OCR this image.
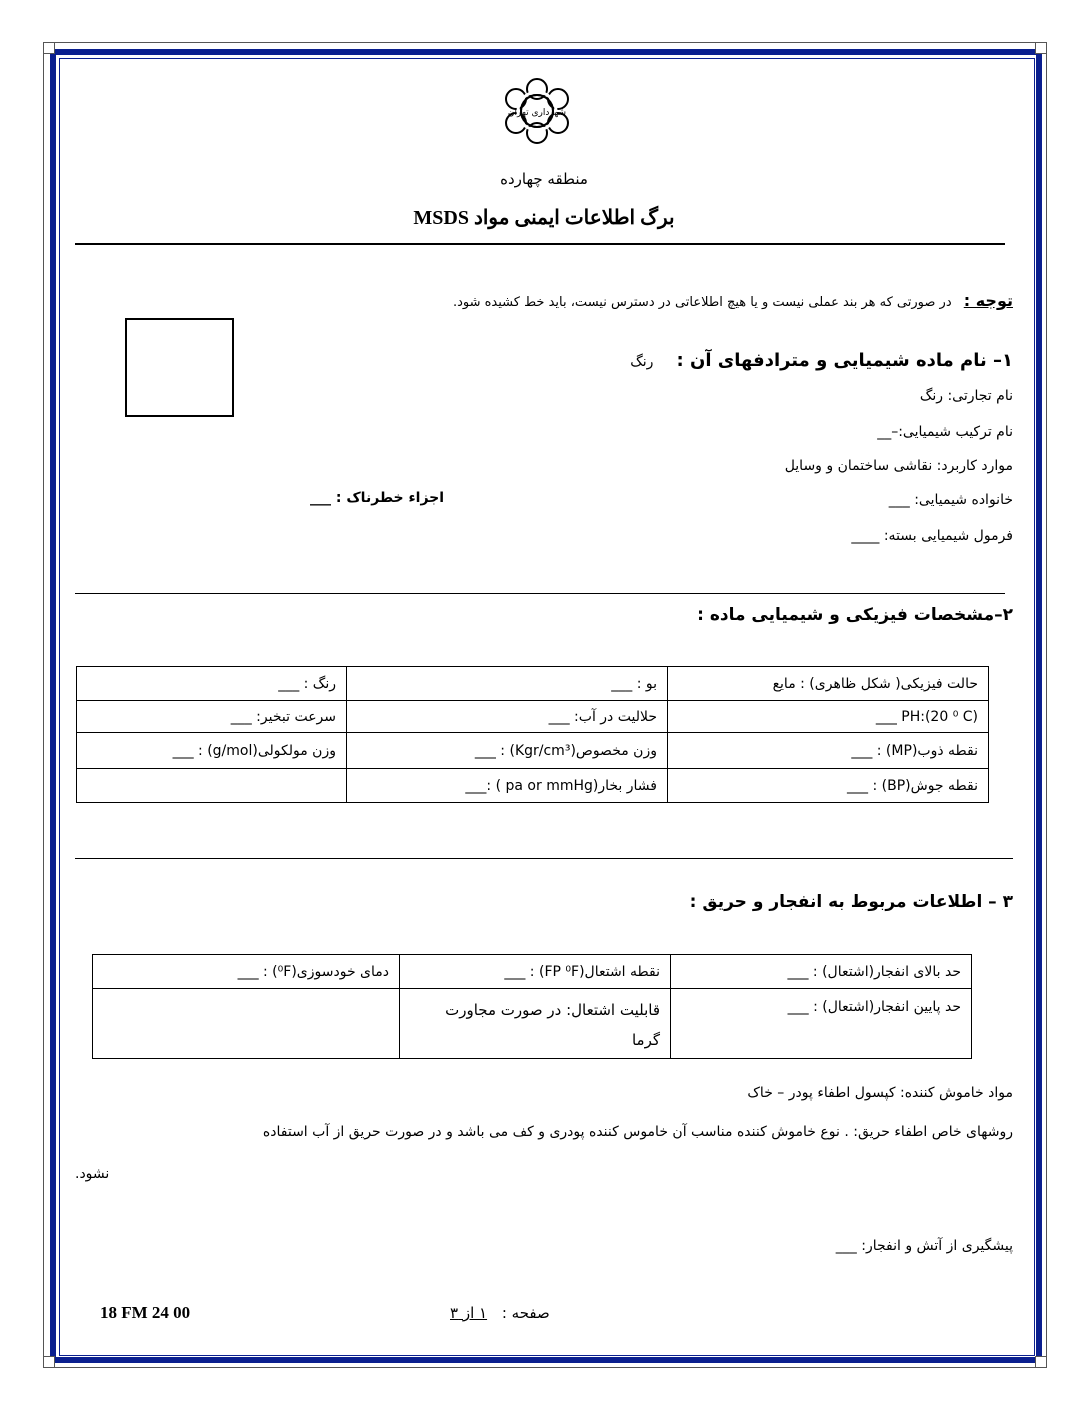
شهرداری تهران
منطقه چهارده
برگ اطلاعات ایمنی مواد MSDS
توجه : در صورتی که هر بند عملی نیست و یا هیچ اطلاعاتی در دسترس نیست، باید خط کشیده شود.
۱– نام ماده شیمیایی و مترادفهای آن : رنگ
نام تجارتی: رنگ
نام ترکیب شیمیایی:–__
موارد کاربرد: نقاشی ساختمان و وسایل
خانواده شیمیایی: ___
اجزاء خطرناک : ___
فرمول شیمیایی بسته: ____
۲–مشخصات فیزیکی و شیمیایی ماده :
حالت فیزیکی( شکل ظاهری) : مایع	بو : ___	رنگ : ___
PH:(20 ⁰ C) ___	حلالیت در آب: ___	سرعت تبخیر: ___
نقطه ذوب(MP) : ___	وزن مخصوص(Kgr/cm³) : ___	وزن مولکولی(g/mol) : ___
نقطه جوش(BP) : ___	فشار بخار(pa or mmHg ) :___	
۳ – اطلاعات مربوط به انفجار و حریق :
حد بالای انفجار(اشتعال) : ___	نقطه اشتعال(FP ⁰F) : ___	دمای خودسوزی(⁰F) : ___
حد پایین انفجار(اشتعال) : ___	قابلیت اشتعال: در صورت مجاورت
گرما	

مواد خاموش کننده: کپسول اطفاء پودر – خاک
روشهای خاص اطفاء حریق: . نوع خاموش کننده مناسب آن خاموس کننده پودری و کف می باشد و در صورت حریق از آب استفاده
نشود.
پیشگیری از آتش و انفجار: ___
18 FM 24 00	صفحه : ۱ از ۳
